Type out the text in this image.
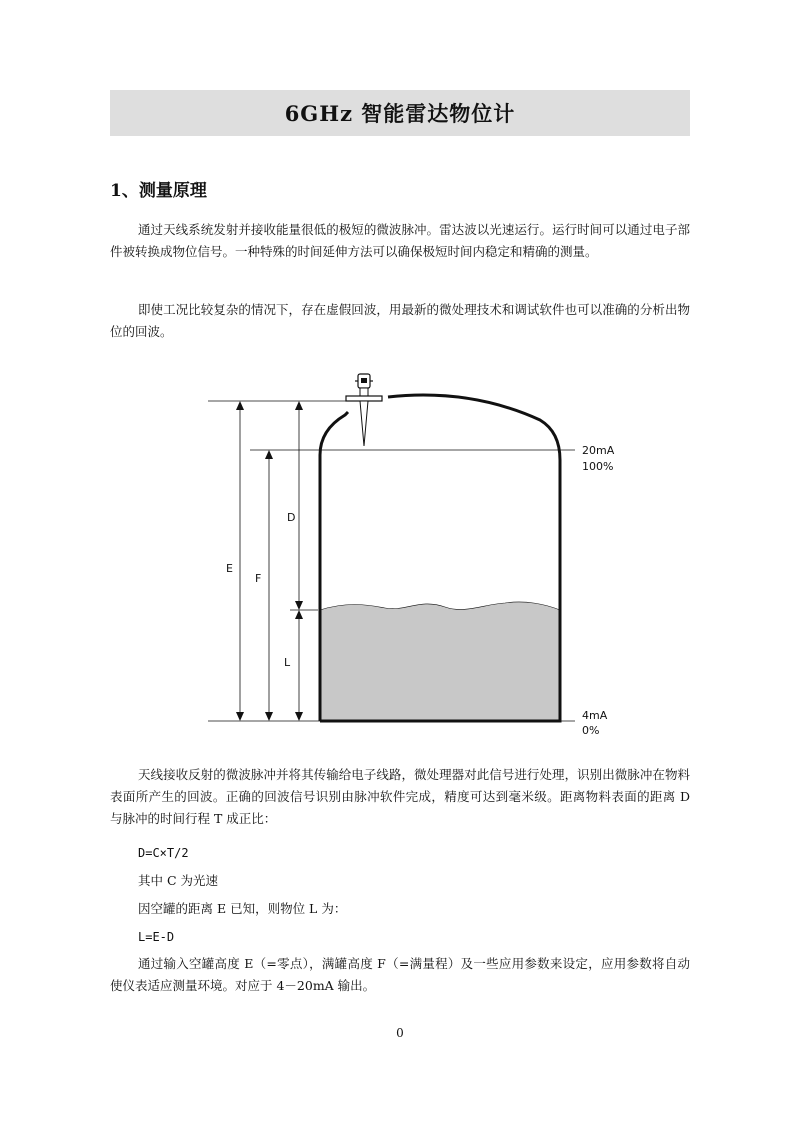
6GHz 智能雷达物位计
1、测量原理

通过天线系统发射并接收能量很低的极短的微波脉冲。雷达波以光速运行。运行时间可以通过电子部件被转换成物位信号。一种特殊的时间延伸方法可以确保极短时间内稳定和精确的测量。

即使工况比较复杂的情况下，存在虚假回波，用最新的微处理技术和调试软件也可以准确的分析出物位的回波。

E
F
D
L
20mA
100%
4mA
0%

天线接收反射的微波脉冲并将其传输给电子线路，微处理器对此信号进行处理，识别出微脉冲在物料表面所产生的回波。正确的回波信号识别由脉冲软件完成，精度可达到毫米级。距离物料表面的距离 D 与脉冲的时间行程 T 成正比：

D=C×T/2

其中 C 为光速

因空罐的距离 E 已知，则物位 L 为：

L=E-D

通过输入空罐高度 E（=零点），满罐高度 F（=满量程）及一些应用参数来设定，应用参数将自动使仪表适应测量环境。对应于 4－20mA 输出。

0
